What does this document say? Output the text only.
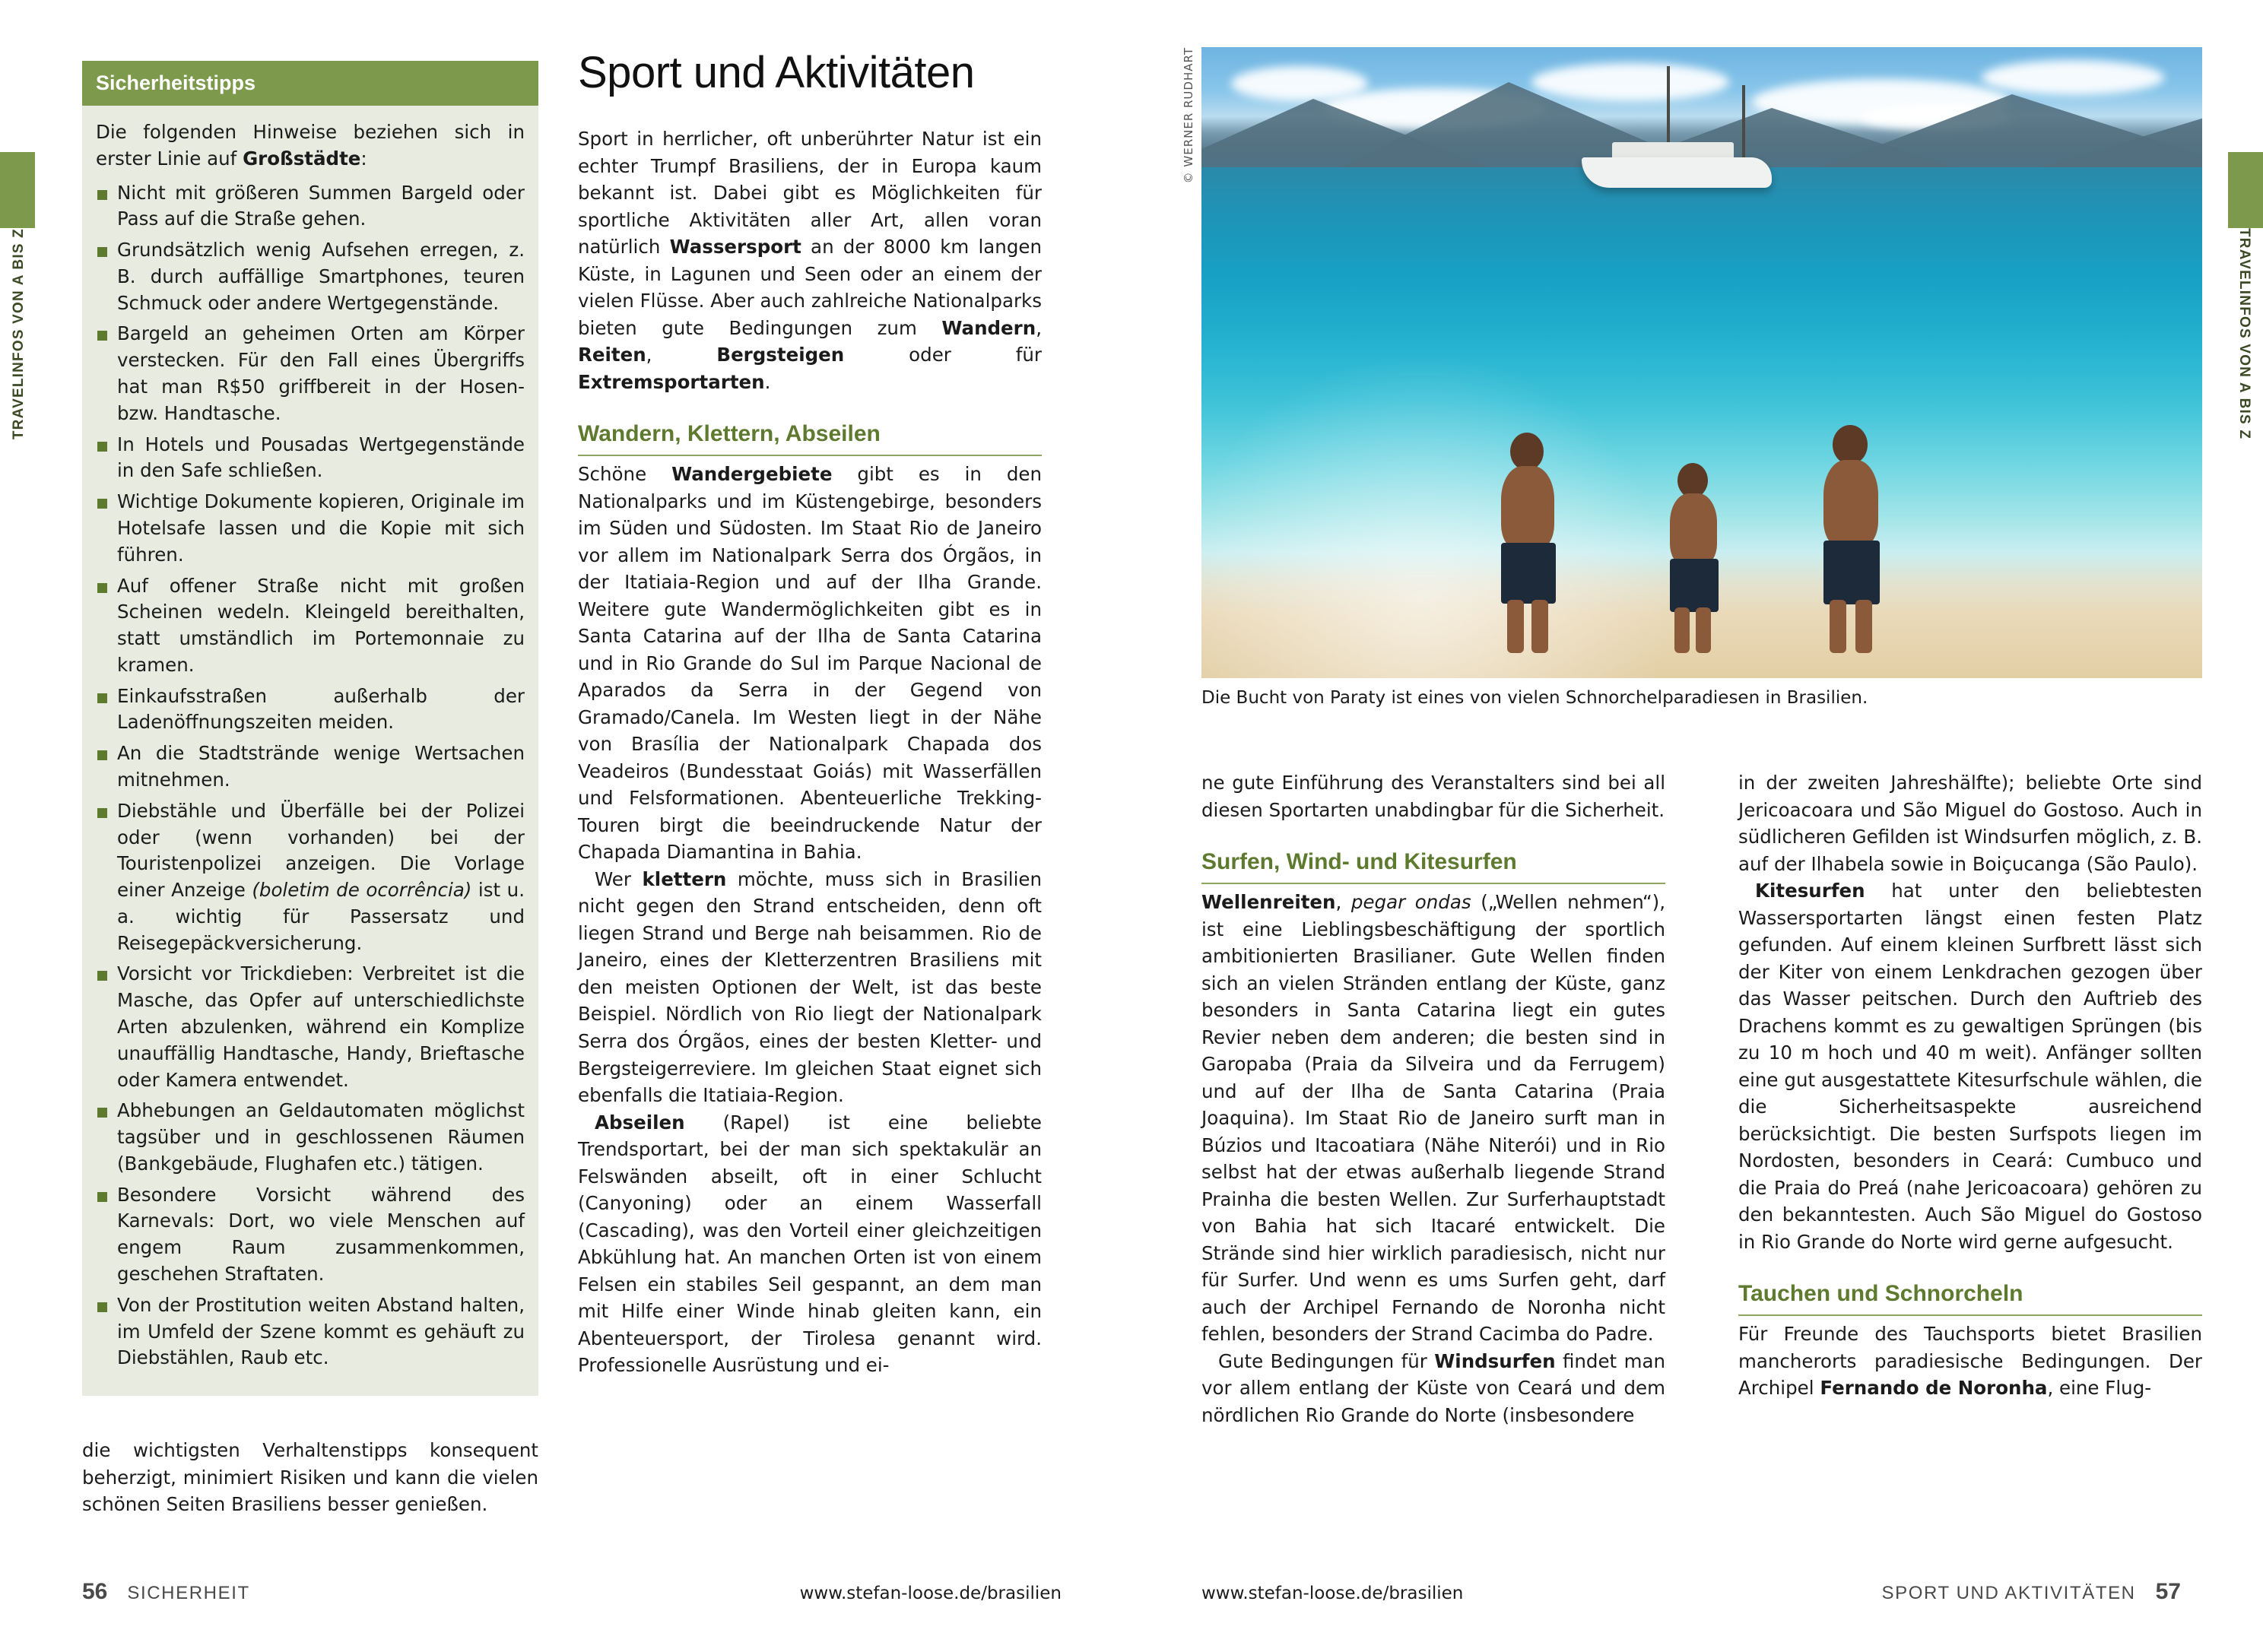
TRAVELINFOS VON A BIS Z
Sicherheitstipps

Die folgenden Hinweise beziehen sich in erster Linie auf Großstädte:

Nicht mit größeren Summen Bargeld oder Pass auf die Straße gehen.
Grundsätzlich wenig Aufsehen erregen, z. B. durch auffällige Smartphones, teuren Schmuck oder andere Wertgegenstände.
Bargeld an geheimen Orten am Körper verstecken. Für den Fall eines Übergriffs hat man R$50 griffbereit in der Hosen- bzw. Handtasche.
In Hotels und Pousadas Wertgegenstände in den Safe schließen.
Wichtige Dokumente kopieren, Originale im Hotelsafe lassen und die Kopie mit sich führen.
Auf offener Straße nicht mit großen Scheinen wedeln. Kleingeld bereithalten, statt umständlich im Portemonnaie zu kramen.
Einkaufsstraßen außerhalb der Ladenöffnungszeiten meiden.
An die Stadtstrände wenige Wertsachen mitnehmen.
Diebstähle und Überfälle bei der Polizei oder (wenn vorhanden) bei der Touristenpolizei anzeigen. Die Vorlage einer Anzeige (boletim de ocorrência) ist u. a. wichtig für Passersatz und Reisegepäckversicherung.
Vorsicht vor Trickdieben: Verbreitet ist die Masche, das Opfer auf unterschiedlichste Arten abzulenken, während ein Komplize unauffällig Handtasche, Handy, Brieftasche oder Kamera entwendet.
Abhebungen an Geldautomaten möglichst tagsüber und in geschlossenen Räumen (Bankgebäude, Flughafen etc.) tätigen.
Besondere Vorsicht während des Karnevals: Dort, wo viele Menschen auf engem Raum zusammenkommen, geschehen Straftaten.
Von der Prostitution weiten Abstand halten, im Umfeld der Szene kommt es gehäuft zu Diebstählen, Raub etc.
die wichtigsten Verhaltenstipps konsequent beherzigt, minimiert Risiken und kann die vielen schönen Seiten Brasiliens besser genießen.
Sport und Aktivitäten

Sport in herrlicher, oft unberührter Natur ist ein echter Trumpf Brasiliens, der in Europa kaum bekannt ist. Dabei gibt es Möglichkeiten für sportliche Aktivitäten aller Art, allen voran natürlich Wassersport an der 8000 km langen Küste, in Lagunen und Seen oder an einem der vielen Flüsse. Aber auch zahlreiche Nationalparks bieten gute Bedingungen zum Wandern, Reiten, Bergsteigen oder für Extremsportarten.

Wandern, Klettern, Abseilen

Schöne Wandergebiete gibt es in den Nationalparks und im Küstengebirge, besonders im Süden und Südosten. Im Staat Rio de Janeiro vor allem im Nationalpark Serra dos Órgãos, in der Itatiaia-Region und auf der Ilha Grande. Weitere gute Wandermöglichkeiten gibt es in Santa Catarina auf der Ilha de Santa Catarina und in Rio Grande do Sul im Parque Nacional de Aparados da Serra in der Gegend von Gramado/Canela. Im Westen liegt in der Nähe von Brasília der Nationalpark Chapada dos Veadeiros (Bundesstaat Goiás) mit Wasserfällen und Felsformationen. Abenteuerliche Trekking-Touren birgt die beeindruckende Natur der Chapada Diamantina in Bahia.

Wer klettern möchte, muss sich in Brasilien nicht gegen den Strand entscheiden, denn oft liegen Strand und Berge nah beisammen. Rio de Janeiro, eines der Kletterzentren Brasiliens mit den meisten Optionen der Welt, ist das beste Beispiel. Nördlich von Rio liegt der Nationalpark Serra dos Órgãos, eines der besten Kletter- und Bergsteigerreviere. Im gleichen Staat eignet sich ebenfalls die Itatiaia-Region.

Abseilen (Rapel) ist eine beliebte Trendsportart, bei der man sich spektakulär an Felswänden abseilt, oft in einer Schlucht (Canyoning) oder an einem Wasserfall (Cascading), was den Vorteil einer gleichzeitigen Abkühlung hat. An manchen Orten ist von einem Felsen ein stabiles Seil gespannt, an dem man mit Hilfe einer Winde hinab gleiten kann, ein Abenteuersport, der Tirolesa genannt wird. Professionelle Ausrüstung und ei-

56 SICHERHEIT	www.stefan-loose.de/brasilien
TRAVELINFOS VON A BIS Z
© WERNER RUDHART
Die Bucht von Paraty ist eines von vielen Schnorchelparadiesen in Brasilien.

ne gute Einführung des Veranstalters sind bei all diesen Sportarten unabdingbar für die Sicherheit.

Surfen, Wind- und Kitesurfen

Wellenreiten, pegar ondas („Wellen nehmen“), ist eine Lieblingsbeschäftigung der sportlich ambitionierten Brasilianer. Gute Wellen finden sich an vielen Stränden entlang der Küste, ganz besonders in Santa Catarina liegt ein gutes Revier neben dem anderen; die besten sind in Garopaba (Praia da Silveira und da Ferrugem) und auf der Ilha de Santa Catarina (Praia Joaquina). Im Staat Rio de Janeiro surft man in Búzios und Itacoatiara (Nähe Niterói) und in Rio selbst hat der etwas außerhalb liegende Strand Prainha die besten Wellen. Zur Surferhauptstadt von Bahia hat sich Itacaré entwickelt. Die Strände sind hier wirklich paradiesisch, nicht nur für Surfer. Und wenn es ums Surfen geht, darf auch der Archipel Fernando de Noronha nicht fehlen, besonders der Strand Cacimba do Padre.

Gute Bedingungen für Windsurfen findet man vor allem entlang der Küste von Ceará und dem nördlichen Rio Grande do Norte (insbesondere

in der zweiten Jahreshälfte); beliebte Orte sind Jericoacoara und São Miguel do Gostoso. Auch in südlicheren Gefilden ist Windsurfen möglich, z. B. auf der Ilhabela sowie in Boiçucanga (São Paulo).

Kitesurfen hat unter den beliebtesten Wassersportarten längst einen festen Platz gefunden. Auf einem kleinen Surfbrett lässt sich der Kiter von einem Lenkdrachen gezogen über das Wasser peitschen. Durch den Auftrieb des Drachens kommt es zu gewaltigen Sprüngen (bis zu 10 m hoch und 40 m weit). Anfänger sollten eine gut ausgestattete Kitesurfschule wählen, die die Sicherheitsaspekte ausreichend berücksichtigt. Die besten Surfspots liegen im Nordosten, besonders in Ceará: Cumbuco und die Praia do Preá (nahe Jericoacoara) gehören zu den bekanntesten. Auch São Miguel do Gostoso in Rio Grande do Norte wird gerne aufgesucht.

Tauchen und Schnorcheln

Für Freunde des Tauchsports bietet Brasilien mancherorts paradiesische Bedingungen. Der Archipel Fernando de Noronha, eine Flug-

www.stefan-loose.de/brasilien	SPORT UND AKTIVITÄTEN 57
